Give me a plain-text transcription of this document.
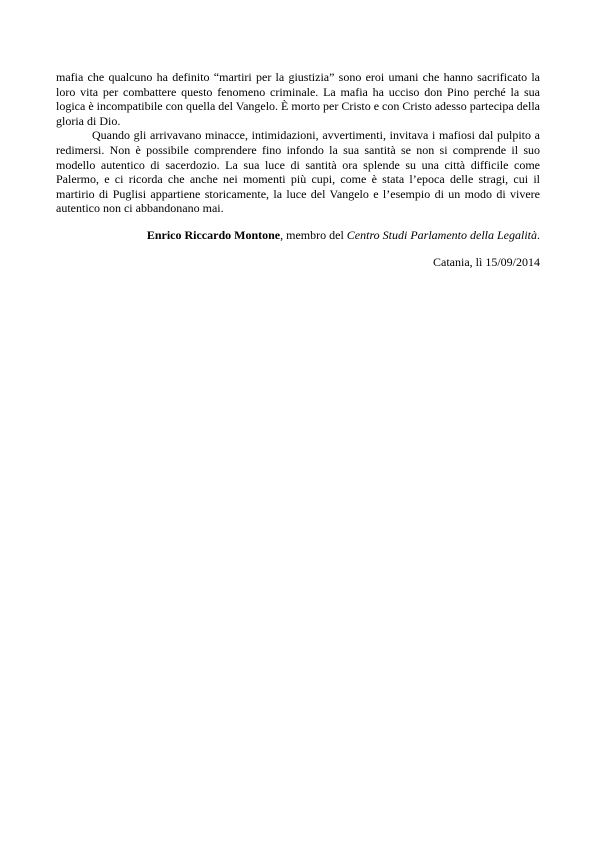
mafia che qualcuno ha definito “martiri per la giustizia” sono eroi umani che hanno sacrificato la loro vita per combattere questo fenomeno criminale. La mafia ha ucciso don Pino perché la sua logica è incompatibile con quella del Vangelo. È morto per Cristo e con Cristo adesso partecipa della gloria di Dio.

Quando gli arrivavano minacce, intimidazioni, avvertimenti, invitava i mafiosi dal pulpito a redimersi. Non è possibile comprendere fino infondo la sua santità se non si comprende il suo modello autentico di sacerdozio. La sua luce di santità ora splende su una città difficile come Palermo, e ci ricorda che anche nei momenti più cupi, come è stata l’epoca delle stragi, cui il martirio di Puglisi appartiene storicamente, la luce del Vangelo e l’esempio di un modo di vivere autentico non ci abbandonano mai.

Enrico Riccardo Montone, membro del Centro Studi Parlamento della Legalità.

Catania, lì 15/09/2014
